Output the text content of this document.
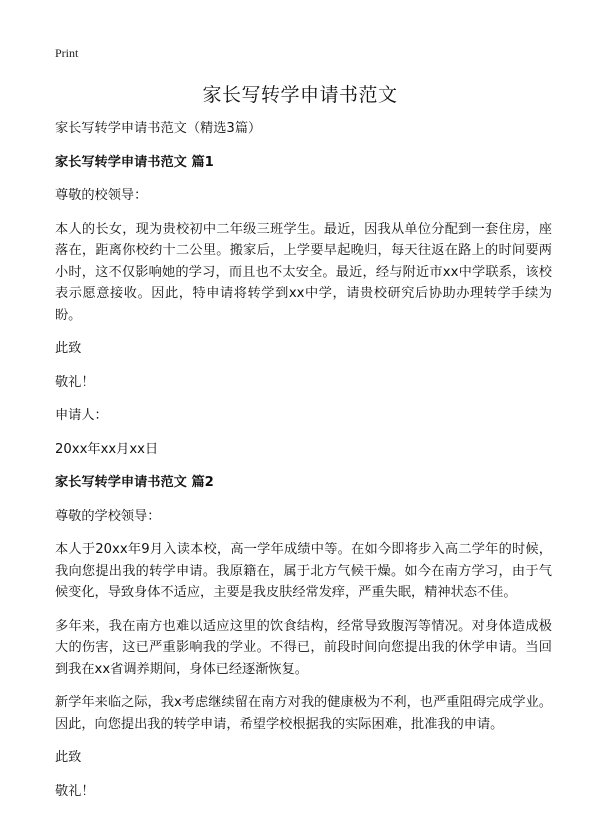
Print
家长写转学申请书范文

家长写转学申请书范文（精选3篇）

家长写转学申请书范文 篇1

尊敬的校领导：

本人的长女，现为贵校初中二年级三班学生。最近，因我从单位分配到一套住房，座落在，距离你校约十二公里。搬家后，上学要早起晚归，每天往返在路上的时间要两小时，这不仅影响她的学习，而且也不太安全。最近，经与附近市xx中学联系，该校表示愿意接收。因此，特申请将转学到xx中学，请贵校研究后协助办理转学手续为盼。

此致

敬礼！

申请人：

20xx年xx月xx日

家长写转学申请书范文 篇2

尊敬的学校领导：

本人于20xx年9月入读本校，高一学年成绩中等。在如今即将步入高二学年的时候，我向您提出我的转学申请。我原籍在，属于北方气候干燥。如今在南方学习，由于气候变化，导致身体不适应，主要是我皮肤经常发痒，严重失眠，精神状态不佳。

多年来，我在南方也难以适应这里的饮食结构，经常导致腹泻等情况。对身体造成极大的伤害，这已严重影响我的学业。不得已，前段时间向您提出我的休学申请。当回到我在xx省调养期间，身体已经逐渐恢复。

新学年来临之际，我x考虑继续留在南方对我的健康极为不利，也严重阻碍完成学业。因此，向您提出我的转学申请，希望学校根据我的实际困难，批准我的申请。

此致

敬礼！
